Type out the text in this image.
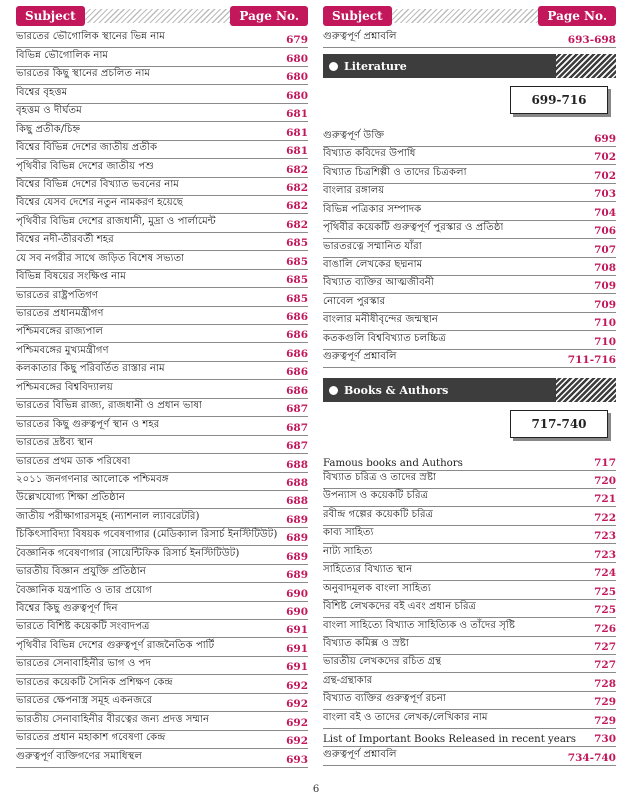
Subject	Page No.
ভারতের ভৌগোলিক স্থানের ভিন্ন নাম	679
বিভিন্ন ভৌগোলিক নাম	680
ভারতের কিছু স্থানের প্রচলিত নাম	680
বিশ্বের বৃহত্তম	680
বৃহত্তম ও দীর্ঘতম	681
কিছু প্রতীক/চিহ্ন	681
বিশ্বের বিভিন্ন দেশের জাতীয় প্রতীক	681
পৃথিবীর বিভিন্ন দেশের জাতীয় পশু	682
বিশ্বের বিভিন্ন দেশের বিখ্যাত ভবনের নাম	682
বিশ্বের যেসব দেশের নতুন নামকরণ হয়েছে	682
পৃথিবীর বিভিন্ন দেশের রাজধানী, মুদ্রা ও পার্লামেন্ট	682
বিশ্বের নদী-তীরবর্তী শহর	685
যে সব নগরীর সাথে জড়িত বিশেষ সভ্যতা	685
বিভিন্ন বিষয়ের সংক্ষিপ্ত নাম	685
ভারতের রাষ্ট্রপতিগণ	685
ভারতের প্রধানমন্ত্রীগণ	686
পশ্চিমবঙ্গের রাজ্যপাল	686
পশ্চিমবঙ্গের মুখ্যমন্ত্রীগণ	686
কলকাতার কিছু পরিবর্তিত রাস্তার নাম	686
পশ্চিমবঙ্গের বিশ্ববিদ্যালয়	686
ভারতের বিভিন্ন রাজ্য, রাজধানী ও প্রধান ভাষা	687
ভারতের কিছু গুরুত্বপূর্ণ স্থান ও শহর	687
ভারতের দ্রষ্টব্য স্থান	687
ভারতের প্রথম ডাক পরিষেবা	688
২০১১ জনগণনার আলোকে পশ্চিমবঙ্গ	688
উল্লেখযোগ্য শিক্ষা প্রতিষ্ঠান	688
জাতীয় পরীক্ষাগারসমূহ (ন্যাশনাল ল্যাবরেটরি)	689
চিকিৎসাবিদ্যা বিষয়ক গবেষণাগার (মেডিক্যাল রিসার্চ ইনস্টিটিউট) 689
বৈজ্ঞানিক গবেষণাগার (সায়েন্টিফিক রিসার্চ ইনস্টিটিউট)	689
ভারতীয় বিজ্ঞান প্রযুক্তি প্রতিষ্ঠান	689
বৈজ্ঞানিক যন্ত্রপাতি ও তার প্রয়োগ	690
বিশ্বের কিছু গুরুত্বপূর্ণ দিন	690
ভারতে বিশিষ্ট কয়েকটি সংবাদপত্র	691
পৃথিবীর বিভিন্ন দেশের গুরুত্বপূর্ণ রাজনৈতিক পার্টি	691
ভারতের সেনাবাহিনীর ভাগ ও পদ	691
ভারতের কয়েকটি সৈনিক প্রশিক্ষণ কেন্দ্র	692
ভারতের ক্ষেপনাস্ত্র সমূহ একনজরে	692
ভারতীয় সেনাবাহিনীর বীরত্বের জন্য প্রদত্ত সম্মান	692
ভারতের প্রধান মহাকাশ গবেষণা কেন্দ্র	692
গুরুত্বপূর্ণ ব্যক্তিগণের সমাধিস্থল	693
Subject	Page No.
গুরুত্বপূর্ণ প্রশ্নাবলি	693-698
Literature
699-716
গুরুত্বপূর্ণ উক্তি	699
বিখ্যাত কবিদের উপাধি	702
বিখ্যাত চিত্রশিল্পী ও তাদের চিত্রকলা	702
বাংলার রঙ্গালয়	703
বিভিন্ন পত্রিকার সম্পাদক	704
পৃথিবীর কয়েকটি গুরুত্বপূর্ণ পুরস্কার ও প্রতিষ্ঠা	706
ভারতরত্নে সম্মানিত যাঁরা	707
বাঙালি লেখকের ছদ্মনাম	708
বিখ্যাত ব্যক্তির আত্মজীবনী	709
নোবেল পুরস্কার	709
বাংলার মনীষীবৃন্দের জন্মস্থান	710
কতকগুলি বিশ্ববিখ্যাত চলচ্চিত্র	710
গুরুত্বপূর্ণ প্রশ্নাবলি	711-716
Books & Authors
717-740
Famous books and Authors	717
বিখ্যাত চরিত্র ও তাদের স্রষ্টা	720
উপন্যাস ও কয়েকটি চরিত্র	721
রবীন্দ্র গল্পের কয়েকটি চরিত্র	722
কাব্য সাহিত্য	723
নাট্য সাহিত্য	723
সাহিত্যের বিখ্যাত স্থান	724
অনুবাদমূলক বাংলা সাহিত্য	725
বিশিষ্ট লেখকদের বই এবং প্রধান চরিত্র	725
বাংলা সাহিত্যে বিখ্যাত সাহিত্যিক ও তাঁদের সৃষ্টি	726
বিখ্যাত কমিক্স ও স্রষ্টা	727
ভারতীয় লেখকদের রচিত গ্রন্থ	727
গ্রন্থ-গ্রন্থাকার	728
বিখ্যাত ব্যক্তির গুরুত্বপূর্ণ রচনা	729
বাংলা বই ও তাদের লেখক/লেখিকার নাম	729
List of Important Books Released in recent years 730
গুরুত্বপূর্ণ প্রশ্নাবলি	734-740
6
